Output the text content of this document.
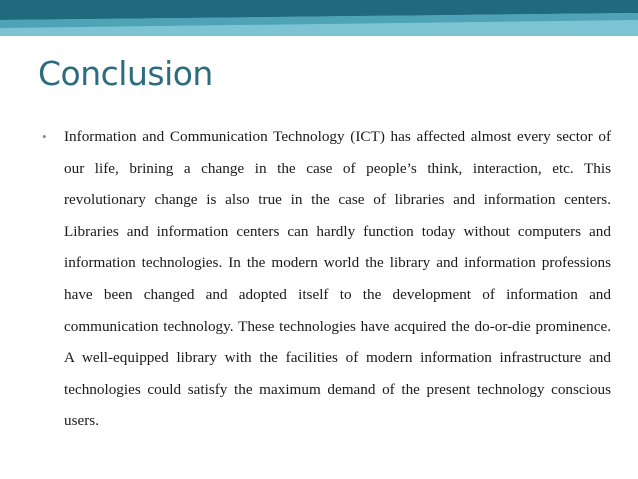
Conclusion
• Information and Communication Technology (ICT) has affected almost every sector of our life, brining a change in the case of people’s think, interaction, etc. This revolutionary change is also true in the case of libraries and information centers. Libraries and information centers can hardly function today without computers and information technologies. In the modern world the library and information professions have been changed and adopted itself to the development of information and communication technology. These technologies have acquired the do-or-die prominence. A well-equipped library with the facilities of modern information infrastructure and technologies could satisfy the maximum demand of the present technology conscious users.
